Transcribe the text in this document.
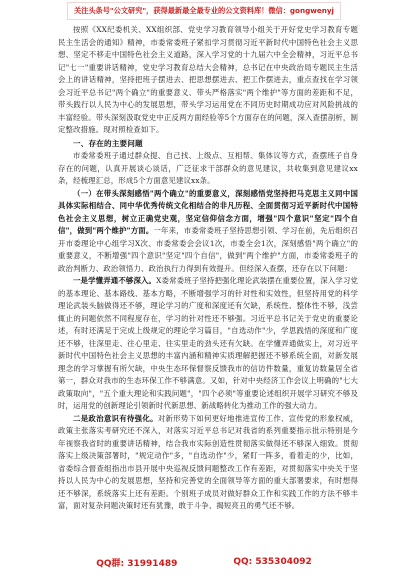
关注头条号"公文研究"，获得最新最全最专业的公文资料库！微信：gongwenyj

按照《XX纪委机关、XX组织部、党史学习教育领导小组关于开好党史学习教育专题民主生活会的通知》精神，市委常委班子紧扣学习贯彻习近平新时代中国特色社会主义思想、坚定不移走中国特色社会主义道路，深入学习党的十九届六中全会精神，习近平总书记"七一"重要讲话精神，党史学习教育总结大会精神，总书记在中央政治局专题民主生活会上的讲话精神，坚持把班子摆进去、把思想摆进去、把工作摆进去，重点查找在学习领会习近平总书记"两个确立"的重要意义、带头严格落实"两个维护"等方面的差距和不足，带头践行以人民为中心的发展思想，带头学习运用党在不同历史时期成功应对风险挑战的丰富经验。带头深刻汲取党史中正反两方面经验等5个方面存在的问题，深入查摆剖析，制定整改措施。现对照检查如下。

一、存在的主要问题

市委常委班子通过群众提、自己找、上级点、互相帮、集体议等方式，查摆班子自身存在的问题，认真开展谈心谈话，广泛征求干部群众的意见建议，共收集到意见建议xx条，经梳理汇总，形成5个方面意见建议xx条。

（一）在带头深刻感悟"两个确立"的重要意义，深刻感悟党坚持把马克思主义同中国具体实际相结合、同中华优秀传统文化相结合的非凡历程、全面贯彻习近平新时代中国特色社会主义思想，树立正确党史观，坚定信仰信念方面，增强"四个意识"坚定"四个自信"，做到"两个维护"方面。一年来，市委常委班子坚持思想引领、学习在前，先后组织召开市委理论中心组学习X次、市委常委会会议1次，市委全会1次，深刻感悟"两个确立"的重要意义，不断增强"四个意识"坚定"四个自信"，做到"两个维护"方面，市委常委班子的政治判断力、政治领悟力、政治执行力得到有效提升。但经深入查摆，还存在以下问题：

一是学懂弄通不够深入。X委常委班子坚持把强化理论武装摆在重要位置，深入学习党的基本理论、基本路线、基本方略，不断增强学习的针对性和实效性，但坚持用党的科学理论武装头脑做得还不够，理论学习的广度和深度还有欠缺，系统性、整体性不够，浅尝辄止的问题依然不同程度存在，学习的针对性还不够强。习近平总书记关于党史的重要论述，有时还满足于完成上级规定的理论学习篇目，"自选动作"少，学思践悟的深度和广度还不够，往深里走、往心里走、往实里走的劲头还有欠缺。在学懂弄通做实上，对习近平新时代中国特色社会主义思想的丰富内涵和精神实质理解把握还不够系统全面，对新发展理念的学习掌握有所欠缺，中央生态环保督察反馈我市的信访件数量，重复访数量居全省第一，群众对我市的生态环保工作不够满意。又如，针对中央经济工作会议上明确的"七大政策取向"，"五个重大理论和实践问题"，"四个必须"等重要论述组织开展学习研究不够及时，运用党的创新理论引领新时代新思想、新战略转化为推动工作的强大动力。

二是政治意识有待强化。对新形势下如何更好地推进宣传工作、宣传党的形象权威，政策主张落实考研究还不深入，对落实习近平总书记对我省的系列重要指示批示特别是今年视察我省时的重要讲话精神，结合我市实际创造性贯彻落实做得还不够深入细致。贯彻落实上级决策部署时，"规定动作"多，"自选动作"少，紧盯一阵多，看着走的少，比如，省委综合督查组指出市县开展中央巡视反馈问题整改工作有差距，对贯彻落实中央关于坚持以人民为中心的发展思想，坚持和完善党的全面领导等方面的重大部署要求，有时想得还不够深，系统落实上还有差距。个别班子成员对做好群众工作和实践工作的方法不够丰富，面对复杂问题决策时还有犹豫，敢于斗争、揭短亮丑的勇气还不够。

QQ群: 31991489	QQ: 535304092
